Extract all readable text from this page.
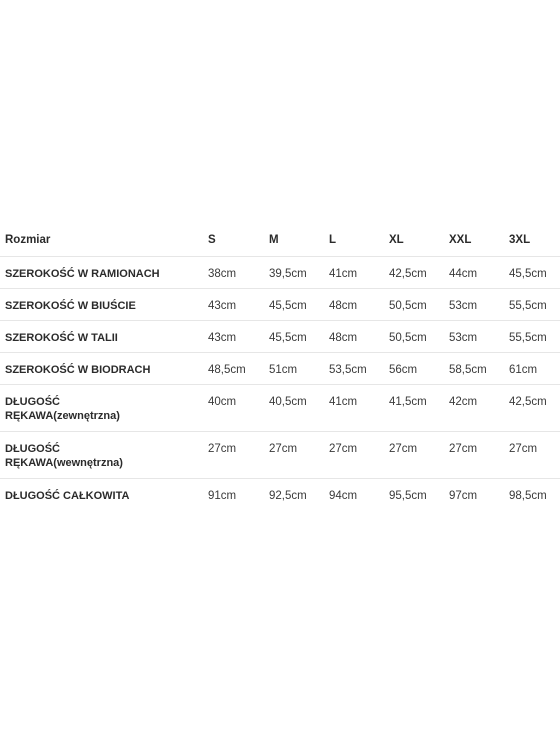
Rozmiar	S	M	L	XL	XXL	3XL
SZEROKOŚĆ W RAMIONACH	38cm	39,5cm	41cm	42,5cm	44cm	45,5cm
SZEROKOŚĆ W BIUŚCIE	43cm	45,5cm	48cm	50,5cm	53cm	55,5cm
SZEROKOŚĆ W TALII	43cm	45,5cm	48cm	50,5cm	53cm	55,5cm
SZEROKOŚĆ W BIODRACH	48,5cm	51cm	53,5cm	56cm	58,5cm	61cm

DŁUGOŚĆ
RĘKAWA(zewnętrzna)	40cm	40,5cm	41cm	41,5cm	42cm	42,5cm

DŁUGOŚĆ
RĘKAWA(wewnętrzna)	27cm	27cm	27cm	27cm	27cm	27cm
DŁUGOŚĆ CAŁKOWITA	91cm	92,5cm	94cm	95,5cm	97cm	98,5cm
